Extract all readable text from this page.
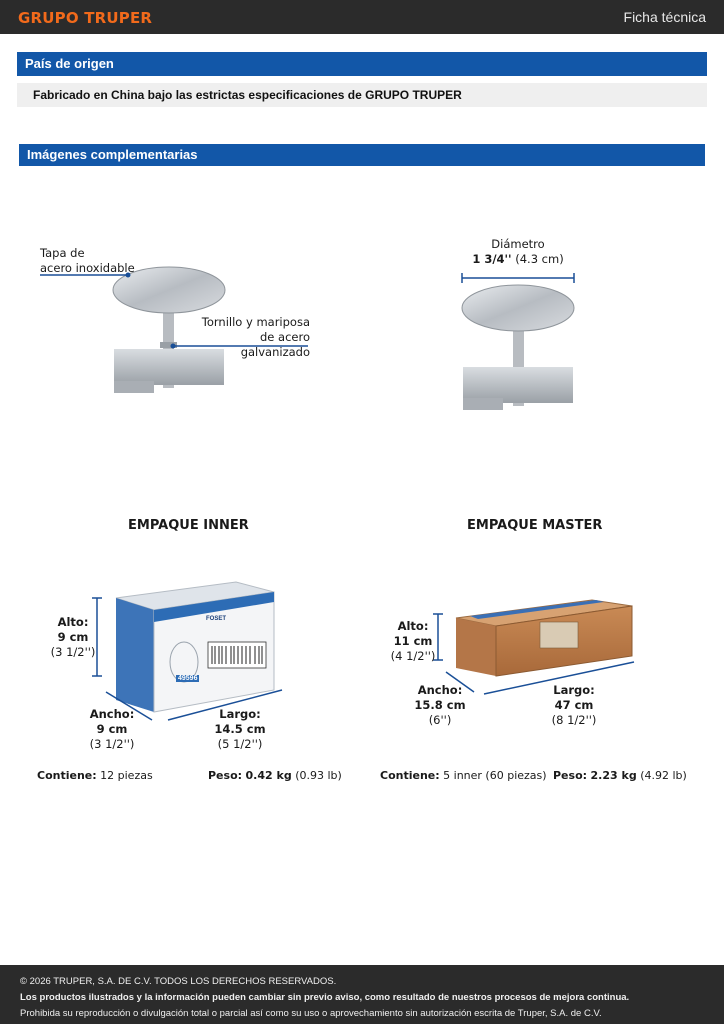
GRUPO TRUPER	Ficha técnica
País de origen
Fabricado en China bajo las estrictas especificaciones de GRUPO TRUPER
Imágenes complementarias
Tapa de
acero inoxidable
Tornillo y mariposa
de acero galvanizado
Diámetro
1 3/4'' (4.3 cm)
EMPAQUE INNER	EMPAQUE MASTER
Alto:
9 cm
(3 1/2'')
Ancho:
9 cm
(3 1/2'')
Largo:
14.5 cm
(5 1/2'')
Alto:
11 cm
(4 1/2'')
Ancho:
15.8 cm
(6'')
Largo:
47 cm
(8 1/2'')
Contiene: 12 piezas	Peso: 0.42 kg (0.93 lb)	Contiene: 5 inner (60 piezas) Peso: 2.23 kg (4.92 lb)
© 2026 TRUPER, S.A. DE C.V. TODOS LOS DERECHOS RESERVADOS.
Los productos ilustrados y la información pueden cambiar sin previo aviso, como resultado de nuestros procesos de mejora continua.
Prohibida su reproducción o divulgación total o parcial así como su uso o aprovechamiento sin autorización escrita de Truper, S.A. de C.V.
FOSET
49596
